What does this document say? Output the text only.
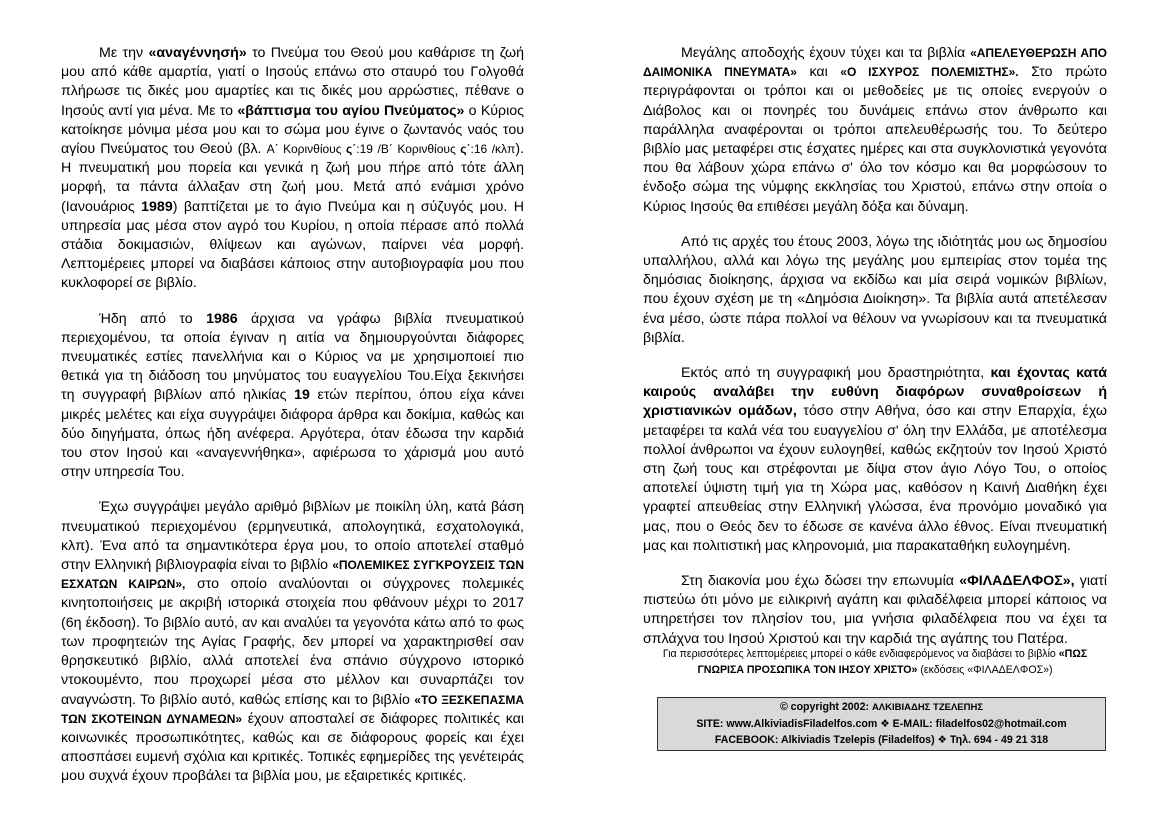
Με την «αναγέννησή» το Πνεύμα του Θεού μου καθάρισε τη ζωή μου από κάθε αμαρτία, γιατί ο Ιησούς επάνω στο σταυρό του Γολγοθά πλήρωσε τις δικές μου αμαρτίες και τις δικές μου αρρώστιες, πέθανε ο Ιησούς αντί για μένα. Με το «βάπτισμα του αγίου Πνεύματος» ο Κύριος κατοίκησε μόνιμα μέσα μου και το σώμα μου έγινε ο ζωντανός ναός του αγίου Πνεύματος του Θεού (βλ. Α΄ Κορινθίους ς΄:19 /Β΄ Κορινθίους ς΄:16 /κλπ). Η πνευματική μου πορεία και γενικά η ζωή μου πήρε από τότε άλλη μορφή, τα πάντα άλλαξαν στη ζωή μου. Μετά από ενάμισι χρόνο (Ιανουάριος 1989) βαπτίζεται με το άγιο Πνεύμα και η σύζυγός μου. Η υπηρεσία μας μέσα στον αγρό του Κυρίου, η οποία πέρασε από πολλά στάδια δοκιμασιών, θλίψεων και αγώνων, παίρνει νέα μορφή. Λεπτομέρειες μπορεί να διαβάσει κάποιος στην αυτοβιογραφία μου που κυκλοφορεί σε βιβλίο.

Ήδη από το 1986 άρχισα να γράφω βιβλία πνευματικού περιεχομένου, τα οποία έγιναν η αιτία να δημιουργούνται διάφορες πνευματικές εστίες πανελλήνια και ο Κύριος να με χρησιμοποιεί πιο θετικά για τη διάδοση του μηνύματος του ευαγγελίου Του.Είχα ξεκινήσει τη συγγραφή βιβλίων από ηλικίας 19 ετών περίπου, όπου είχα κάνει μικρές μελέτες και είχα συγγράψει διάφορα άρθρα και δοκίμια, καθώς και δύο διηγήματα, όπως ήδη ανέφερα. Αργότερα, όταν έδωσα την καρδιά του στον Ιησού και «αναγεννήθηκα», αφιέρωσα το χάρισμά μου αυτό στην υπηρεσία Του.

Έχω συγγράψει μεγάλο αριθμό βιβλίων με ποικίλη ύλη, κατά βάση πνευματικού περιεχομένου (ερμηνευτικά, απολογητικά, εσχατολογικά, κλπ). Ένα από τα σημαντικότερα έργα μου, το οποίο αποτελεί σταθμό στην Ελληνική βιβλιογραφία είναι το βιβλίο «ΠΟΛΕΜΙΚΕΣ ΣΥΓΚΡΟΥΣΕΙΣ ΤΩΝ ΕΣΧΑΤΩΝ ΚΑΙΡΩΝ», στο οποίο αναλύονται οι σύγχρονες πολεμικές κινητοποιήσεις με ακριβή ιστορικά στοιχεία που φθάνουν μέχρι το 2017 (6η έκδοση). Το βιβλίο αυτό, αν και αναλύει τα γεγονότα κάτω από το φως των προφητειών της Αγίας Γραφής, δεν μπορεί να χαρακτηρισθεί σαν θρησκευτικό βιβλίο, αλλά αποτελεί ένα σπάνιο σύγχρονο ιστορικό ντοκουμέντο, που προχωρεί μέσα στο μέλλον και συναρπάζει τον αναγνώστη. Το βιβλίο αυτό, καθώς επίσης και το βιβλίο «ΤΟ ΞΕΣΚΕΠΑΣΜΑ ΤΩΝ ΣΚΟΤΕΙΝΩΝ ΔΥΝΑΜΕΩΝ» έχουν αποσταλεί σε διάφορες πολιτικές και κοινωνικές προσωπικότητες, καθώς και σε διάφορους φορείς και έχει αποσπάσει ευμενή σχόλια και κριτικές. Τοπικές εφημερίδες της γενέτειράς μου συχνά έχουν προβάλει τα βιβλία μου, με εξαιρετικές κριτικές.

Μεγάλης αποδοχής έχουν τύχει και τα βιβλία «ΑΠΕΛΕΥΘΕΡΩΣΗ ΑΠΟ ΔΑΙΜΟΝΙΚΑ ΠΝΕΥΜΑΤΑ» και «Ο ΙΣΧΥΡΟΣ ΠΟΛΕΜΙΣΤΗΣ». Στο πρώτο περιγράφονται οι τρόποι και οι μεθοδείες με τις οποίες ενεργούν ο Διάβολος και οι πονηρές του δυνάμεις επάνω στον άνθρωπο και παράλληλα αναφέρονται οι τρόποι απελευθέρωσής του. Το δεύτερο βιβλίο μας μεταφέρει στις έσχατες ημέρες και στα συγκλονιστικά γεγονότα που θα λάβουν χώρα επάνω σ' όλο τον κόσμο και θα μορφώσουν το ένδοξο σώμα της νύμφης εκκλησίας του Χριστού, επάνω στην οποία ο Κύριος Ιησούς θα επιθέσει μεγάλη δόξα και δύναμη.

Από τις αρχές του έτους 2003, λόγω της ιδιότητάς μου ως δημοσίου υπαλλήλου, αλλά και λόγω της μεγάλης μου εμπειρίας στον τομέα της δημόσιας διοίκησης, άρχισα να εκδίδω και μία σειρά νομικών βιβλίων, που έχουν σχέση με τη «Δημόσια Διοίκηση». Τα βιβλία αυτά απετέλεσαν ένα μέσο, ώστε πάρα πολλοί να θέλουν να γνωρίσουν και τα πνευματικά βιβλία.

Εκτός από τη συγγραφική μου δραστηριότητα, και έχοντας κατά καιρούς αναλάβει την ευθύνη διαφόρων συναθροίσεων ή χριστιανικών ομάδων, τόσο στην Αθήνα, όσο και στην Επαρχία, έχω μεταφέρει τα καλά νέα του ευαγγελίου σ' όλη την Ελλάδα, με αποτέλεσμα πολλοί άνθρωποι να έχουν ευλογηθεί, καθώς εκζητούν τον Ιησού Χριστό στη ζωή τους και στρέφονται με δίψα στον άγιο Λόγο Του, ο οποίος αποτελεί ύψιστη τιμή για τη Χώρα μας, καθόσον η Καινή Διαθήκη έχει γραφτεί απευθείας στην Ελληνική γλώσσα, ένα προνόμιο μοναδικό για μας, που ο Θεός δεν το έδωσε σε κανένα άλλο έθνος. Είναι πνευματική μας και πολιτιστική μας κληρονομιά, μια παρακαταθήκη ευλογημένη.

Στη διακονία μου έχω δώσει την επωνυμία «ΦΙΛΑΔΕΛΦΟΣ», γιατί πιστεύω ότι μόνο με ειλικρινή αγάπη και φιλαδέλφεια μπορεί κάποιος να υπηρετήσει τον πλησίον του, μια γνήσια φιλαδέλφεια που να έχει τα σπλάχνα του Ιησού Χριστού και την καρδιά της αγάπης του Πατέρα.

Για περισσότερες λεπτομέρειες μπορεί ο κάθε ενδιαφερόμενος να διαβάσει το βιβλίο «ΠΩΣ ΓΝΩΡΙΣΑ ΠΡΟΣΩΠΙΚΑ ΤΟΝ ΙΗΣΟΥ ΧΡΙΣΤΟ» (εκδόσεις «ΦΙΛΑΔΕΛΦΟΣ»)
© copyright 2002: ΑΛΚΙΒΙΑΔΗΣ ΤΖΕΛΕΠΗΣ
SITE: www.AlkiviadisFiladelfos.com ❖ E-MAIL: filadelfos02@hotmail.com
FACEBOOK: Alkiviadis Tzelepis (Filadelfos) ❖ Τηλ. 694 - 49 21 318
